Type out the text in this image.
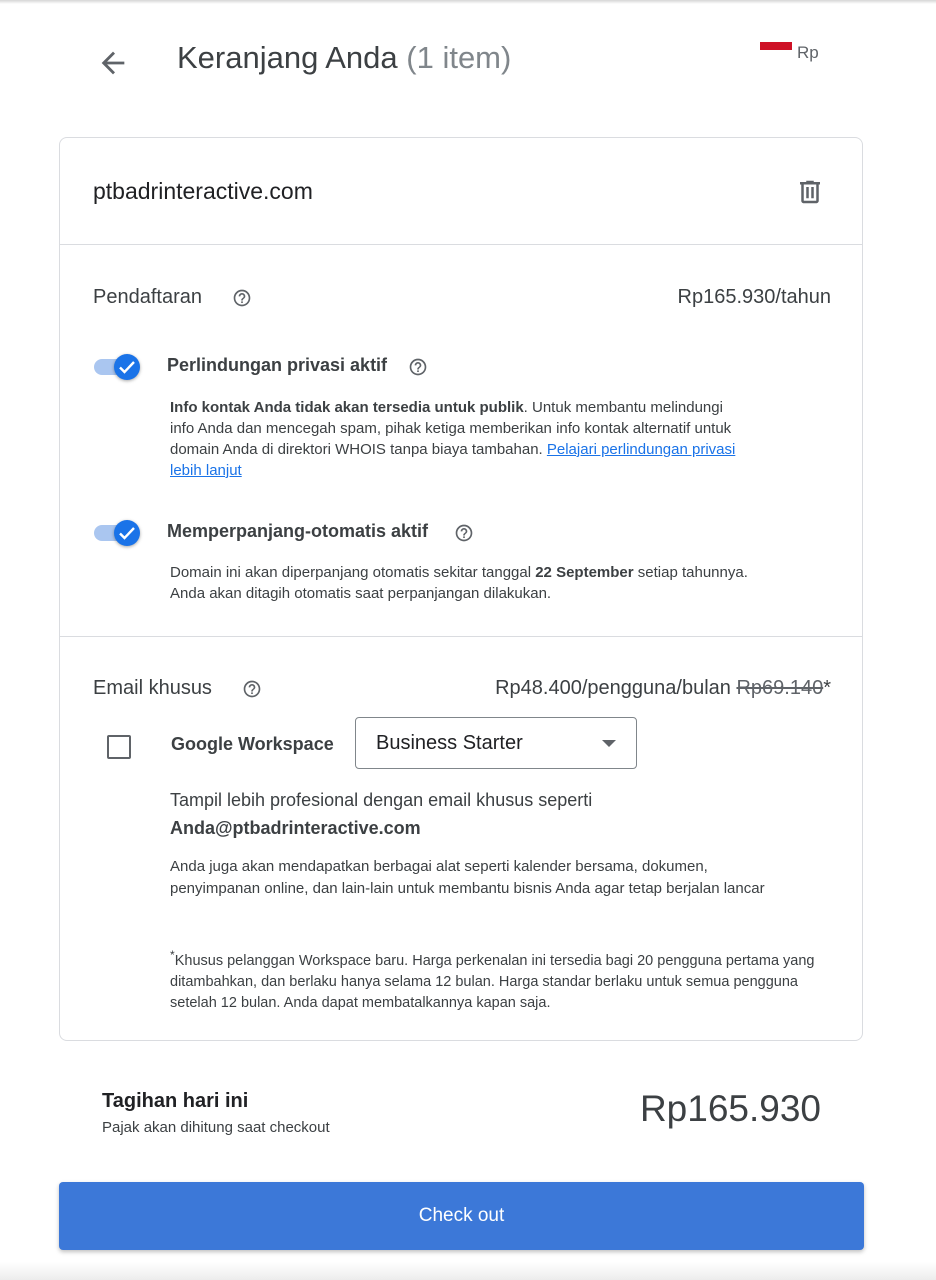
Keranjang Anda (1 item)	Rp
ptbadrinteractive.com
Pendaftaran	Rp165.930/tahun
Perlindungan privasi aktif
Info kontak Anda tidak akan tersedia untuk publik. Untuk membantu melindungi info Anda dan mencegah spam, pihak ketiga memberikan info kontak alternatif untuk domain Anda di direktori WHOIS tanpa biaya tambahan. Pelajari perlindungan privasi lebih lanjut
Memperpanjang-otomatis aktif
Domain ini akan diperpanjang otomatis sekitar tanggal 22 September setiap tahunnya. Anda akan ditagih otomatis saat perpanjangan dilakukan.
Email khusus	Rp48.400/pengguna/bulan Rp69.140*
Google Workspace Business Starter
Tampil lebih profesional dengan email khusus seperti
Anda@ptbadrinteractive.com
Anda juga akan mendapatkan berbagai alat seperti kalender bersama, dokumen, penyimpanan online, dan lain-lain untuk membantu bisnis Anda agar tetap berjalan lancar
*Khusus pelanggan Workspace baru. Harga perkenalan ini tersedia bagi 20 pengguna pertama yang ditambahkan, dan berlaku hanya selama 12 bulan. Harga standar berlaku untuk semua pengguna setelah 12 bulan. Anda dapat membatalkannya kapan saja.
Tagihan hari ini
Pajak akan dihitung saat checkout	Rp165.930
Check out
